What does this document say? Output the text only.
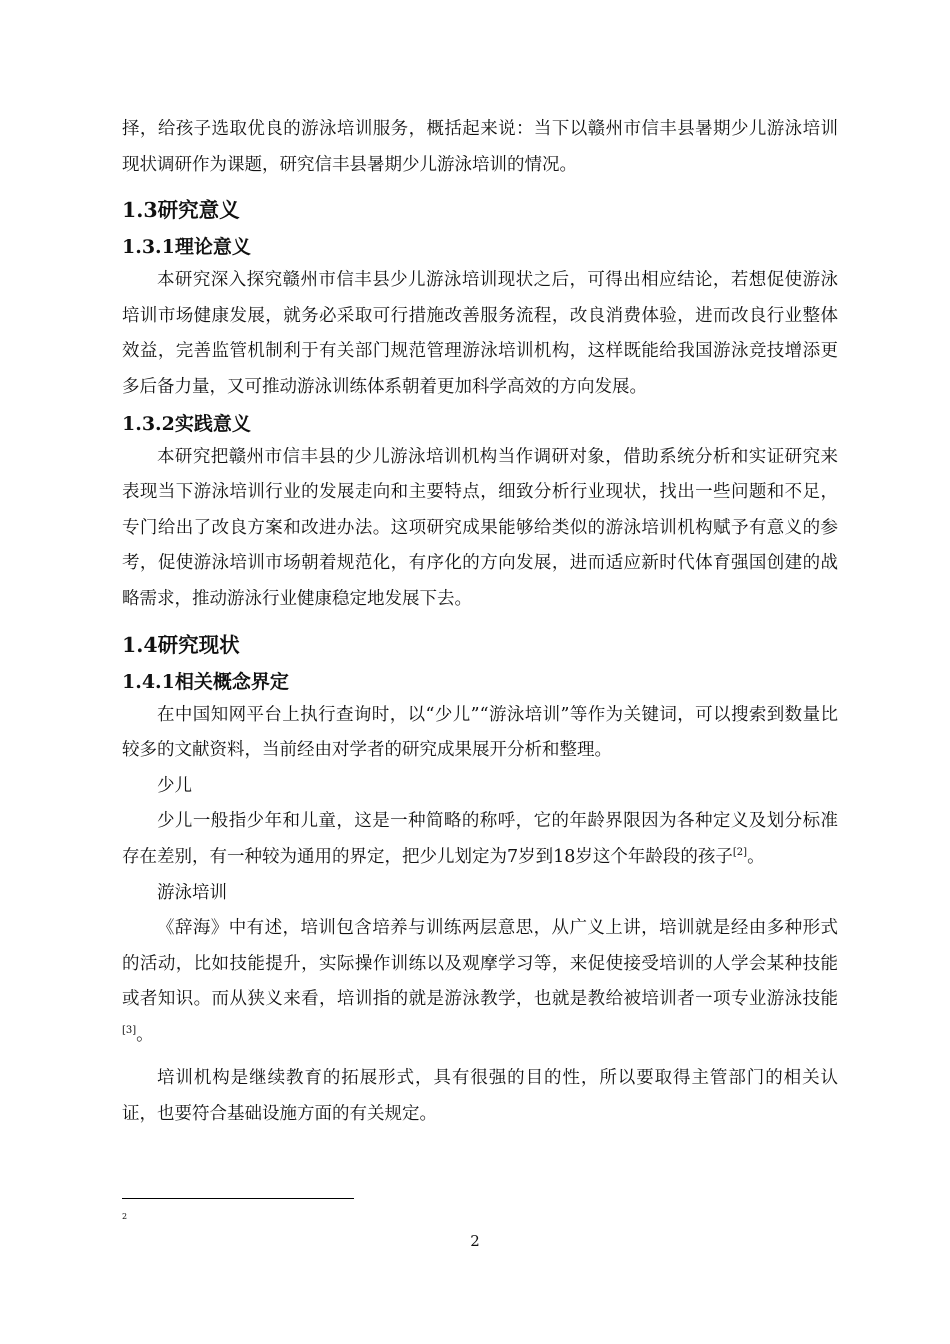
择，给孩子选取优良的游泳培训服务，概括起来说：当下以赣州市信丰县暑期少儿游泳培训现状调研作为课题，研究信丰县暑期少儿游泳培训的情况。

1.3研究意义
1.3.1理论意义

本研究深入探究赣州市信丰县少儿游泳培训现状之后，可得出相应结论，若想促使游泳培训市场健康发展，就务必采取可行措施改善服务流程，改良消费体验，进而改良行业整体效益，完善监管机制利于有关部门规范管理游泳培训机构，这样既能给我国游泳竞技增添更多后备力量，又可推动游泳训练体系朝着更加科学高效的方向发展。

1.3.2实践意义

本研究把赣州市信丰县的少儿游泳培训机构当作调研对象，借助系统分析和实证研究来表现当下游泳培训行业的发展走向和主要特点，细致分析行业现状，找出一些问题和不足，专门给出了改良方案和改进办法。这项研究成果能够给类似的游泳培训机构赋予有意义的参考，促使游泳培训市场朝着规范化，有序化的方向发展，进而适应新时代体育强国创建的战略需求，推动游泳行业健康稳定地发展下去。

1.4研究现状
1.4.1相关概念界定

在中国知网平台上执行查询时，以“少儿”“游泳培训”等作为关键词，可以搜索到数量比较多的文献资料，当前经由对学者的研究成果展开分析和整理。

少儿

少儿一般指少年和儿童，这是一种简略的称呼，它的年龄界限因为各种定义及划分标准存在差别，有一种较为通用的界定，把少儿划定为7岁到18岁这个年龄段的孩子[2]。

游泳培训

《辞海》中有述，培训包含培养与训练两层意思，从广义上讲，培训就是经由多种形式的活动，比如技能提升，实际操作训练以及观摩学习等，来促使接受培训的人学会某种技能或者知识。而从狭义来看，培训指的就是游泳教学，也就是教给被培训者一项专业游泳技能[3]。

培训机构是继续教育的拓展形式，具有很强的目的性，所以要取得主管部门的相关认证，也要符合基础设施方面的有关规定。

2
2
